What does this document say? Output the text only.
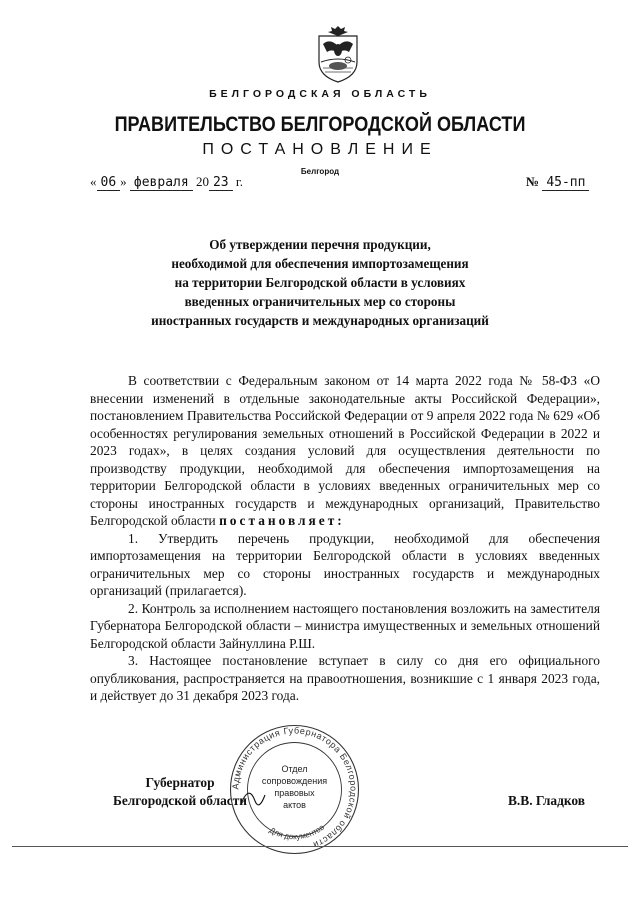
БЕЛГОРОДСКАЯ ОБЛАСТЬ
ПРАВИТЕЛЬСТВО БЕЛГОРОДСКОЙ ОБЛАСТИ
ПОСТАНОВЛЕНИЕ
Белгород
« 06 » февраля 20 23 г.	№ 45-пп
Об утверждении перечня продукции,
необходимой для обеспечения импортозамещения
на территории Белгородской области в условиях
введенных ограничительных мер со стороны
иностранных государств и международных организаций

В соответствии с Федеральным законом от 14 марта 2022 года № 58-ФЗ «О внесении изменений в отдельные законодательные акты Российской Федерации», постановлением Правительства Российской Федерации от 9 апреля 2022 года № 629 «Об особенностях регулирования земельных отношений в Российской Федерации в 2022 и 2023 годах», в целях создания условий для осуществления деятельности по производству продукции, необходимой для обеспечения импортозамещения на территории Белгородской области в условиях введенных ограничительных мер со стороны иностранных государств и международных организаций, Правительство Белгородской области постановляет:

1. Утвердить перечень продукции, необходимой для обеспечения импортозамещения на территории Белгородской области в условиях введенных ограничительных мер со стороны иностранных государств и международных организаций (прилагается).

2. Контроль за исполнением настоящего постановления возложить на заместителя Губернатора Белгородской области – министра имущественных и земельных отношений Белгородской области Зайнуллина Р.Ш.

3. Настоящее постановление вступает в силу со дня его официального опубликования, распространяется на правоотношения, возникшие с 1 января 2023 года, и действует до 31 декабря 2023 года.

Губернатор
Белгородской области
Администрация Губернатора Белгородской области
Для документов
Отдел
сопровождения
правовых
актов	В.В. Гладков
